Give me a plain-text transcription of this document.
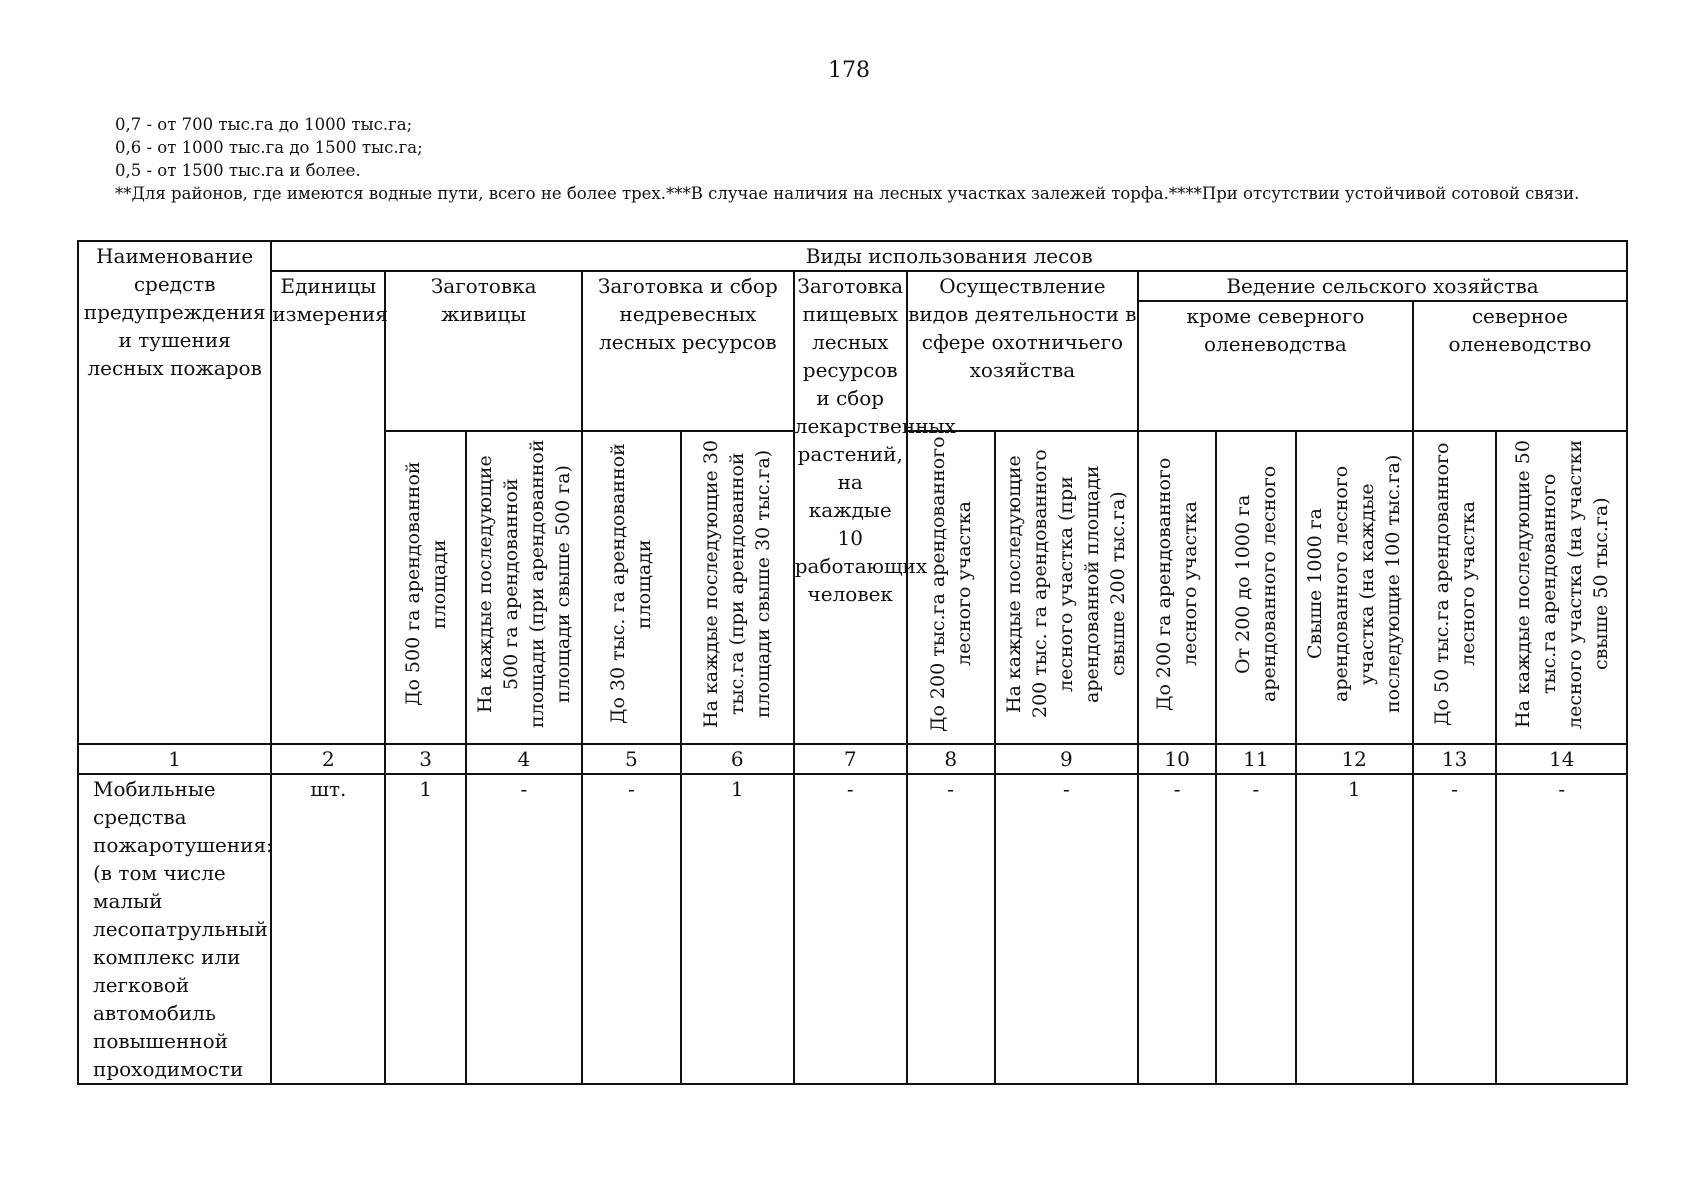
178
0,7 - от 700 тыс.га до 1000 тыс.га;
0,6 - от 1000 тыс.га до 1500 тыс.га;
0,5 - от 1500 тыс.га и более.
**Для районов, где имеются водные пути, всего не более трех.***В случае наличия на лесных участках залежей торфа.****При отсутствии устойчивой сотовой связи.
Наименование средств предупреждения и тушения лесных пожаров	Виды использования лесов												
	Единицы измерения	Заготовка живицы		Заготовка и сбор недревесных лесных ресурсов		Заготовка пищевых лесных ресурсов и сбор лекарственных растений, на каждые 10 работающих человек	Осуществление видов деятельности в сфере охотничьего хозяйства		Ведение сельского хозяйства				
									кроме северного оленеводства			северное оленеводство	
		До 500 га арендованной площади	На каждые последующие 500 га арендованной площади (при арендованной площади свыше 500 га)	До 30 тыс. га арендованной площади	На каждые последующие 30 тыс.га (при арендованной площади свыше 30 тыс.га)		До 200 тыс.га арендованного лесного участка	На каждые последующие 200 тыс. га арендованного лесного участка (при арендованной площади свыше 200 тыс.га)	До 200 га арендованного лесного участка	От 200 до 1000 га арендованного лесного	Свыше 1000 га арендованного лесного участка (на каждые последующие 100 тыс.га)	До 50 тыс.га арендованного лесного участка	На каждые последующие 50 тыс.га арендованного лесного участка (на участки свыше 50 тыс.га)
1	2	3	4	5	6	7	8	9	10	11	12	13	14
Мобильные средства пожаротушения: (в том числе малый лесопатрульный комплекс или легковой автомобиль повышенной проходимости	шт.	1	-	-	1	-	-	-	-	-	1	-	-
